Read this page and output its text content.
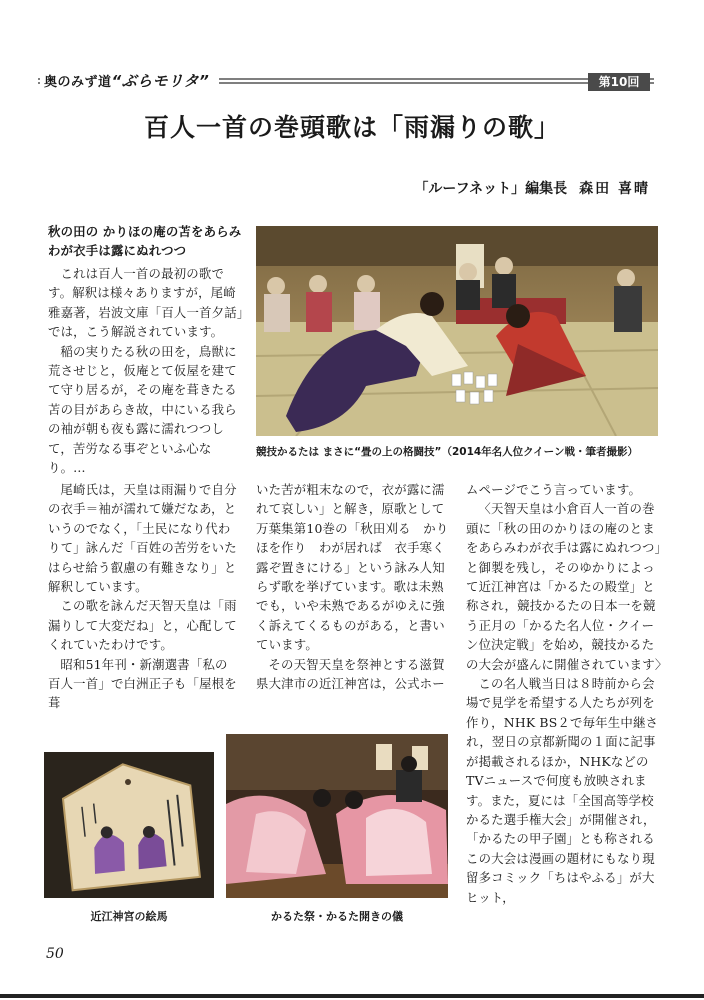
奥のみず道“ぶらモリタ”	第10回
百人一首の巻頭歌は「雨漏りの歌」
「ルーフネット」編集長 森田 喜晴

秋の田の かりほの庵の苫をあらみ わが衣手は露にぬれつつ

これは百人一首の最初の歌です。解釈は様々ありますが，尾崎雅嘉著，岩波文庫「百人一首夕話」では，こう解説されています。

稲の実りたる秋の田を，鳥獣に荒させじと，仮庵とて仮屋を建てて守り居るが，その庵を葺きたる苫の目があらき故，中にいる我らの袖が朝も夜も露に濡れつつして，苦労なる事ぞといふ心なり。…

競技かるたは まさに“畳の上の格闘技”（2014年名人位クイーン戦・筆者撮影）

尾崎氏は，天皇は雨漏りで自分の衣手＝袖が濡れて嫌だなあ，というのでなく，「土民になり代わりて」詠んだ「百姓の苦労をいたはらせ給う叡慮の有難きなり」と解釈しています。

この歌を詠んだ天智天皇は「雨漏りして大変だね」と，心配してくれていたわけです。

昭和51年刊・新潮選書「私の百人一首」で白洲正子も「屋根を葺

いた苦が粗末なので，衣が露に濡れて哀しい」と解き，原歌として万葉集第10巻の「秋田刈る　かりほを作り　わが居れば　衣手寒く　露ぞ置きにける」という詠み人知らず歌を挙げています。歌は未熟でも，いや未熟であるがゆえに強く訴えてくるものがある，と書いています。

その天智天皇を祭神とする滋賀県大津市の近江神宮は，公式ホー

ムページでこう言っています。

〈天智天皇は小倉百人一首の巻頭に「秋の田のかりほの庵のとまをあらみわが衣手は露にぬれつつ」と御製を残し，そのゆかりによって近江神宮は「かるたの殿堂」と称され，競技かるたの日本一を競う正月の「かるた名人位・クイーン位決定戦」を始め，競技かるたの大会が盛んに開催されています〉

この名人戦当日は８時前から会場で見学を希望する人たちが列を作り，NHK BS２で毎年生中継され，翌日の京都新聞の１面に記事が掲載されるほか，NHKなどのTVニュースで何度も放映されます。また，夏には「全国高等学校かるた選手権大会」が開催され，「かるたの甲子園」とも称されるこの大会は漫画の題材にもなり現留多コミック「ちはやふる」が大ヒット，

近江神宮の絵馬	かるた祭・かるた開きの儀
50
